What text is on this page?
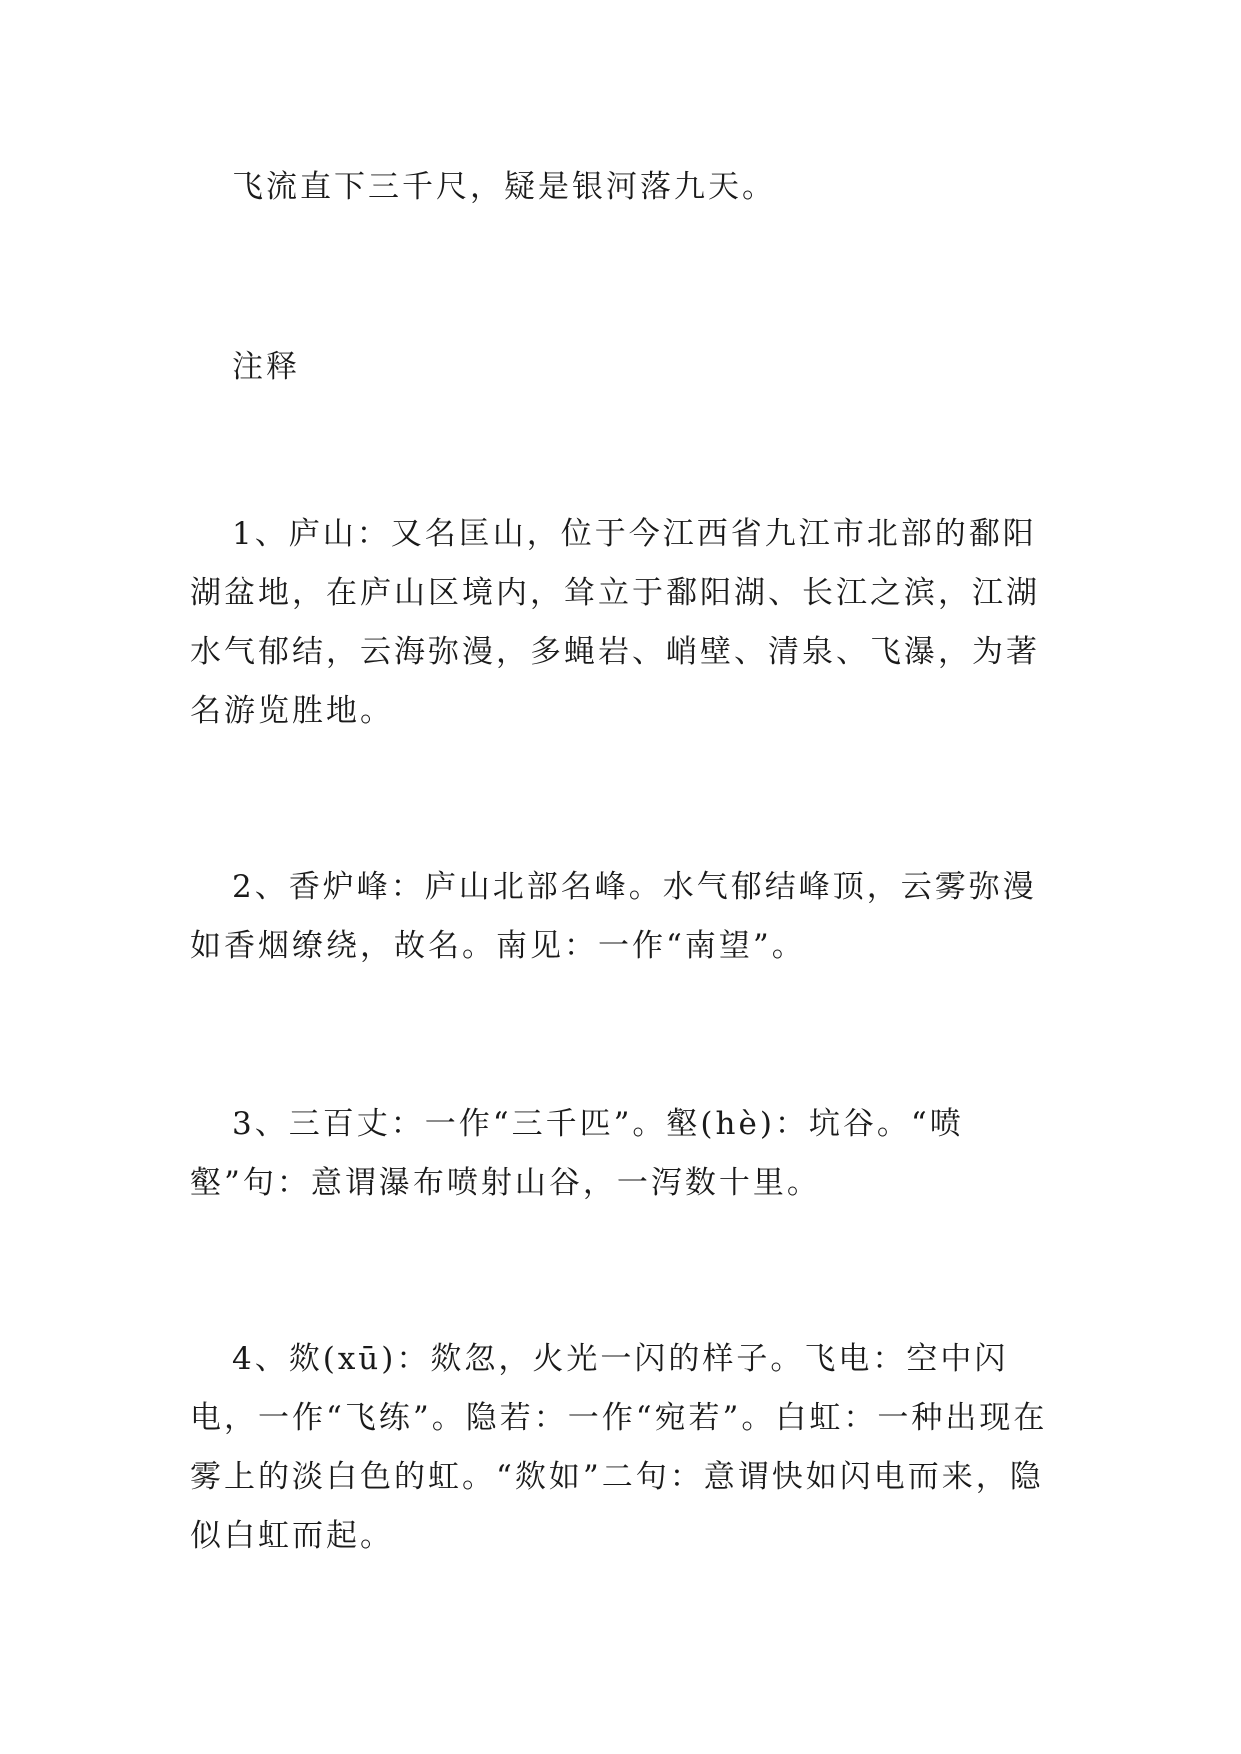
飞流直下三千尺，疑是银河落九天。

注释

1、庐山：又名匡山，位于今江西省九江市北部的鄱阳湖盆地，在庐山区境内，耸立于鄱阳湖、长江之滨，江湖水气郁结，云海弥漫，多蝇岩、峭壁、清泉、飞瀑，为著名游览胜地。

2、香炉峰：庐山北部名峰。水气郁结峰顶，云雾弥漫如香烟缭绕，故名。南见：一作“南望”。

3、三百丈：一作“三千匹”。壑(hè)：坑谷。“喷壑”句：意谓瀑布喷射山谷，一泻数十里。

4、欻(xū)：欻忽，火光一闪的样子。飞电：空中闪电，一作“飞练”。隐若：一作“宛若”。白虹：一种出现在雾上的淡白色的虹。“欻如”二句：意谓快如闪电而来，隐似白虹而起。
